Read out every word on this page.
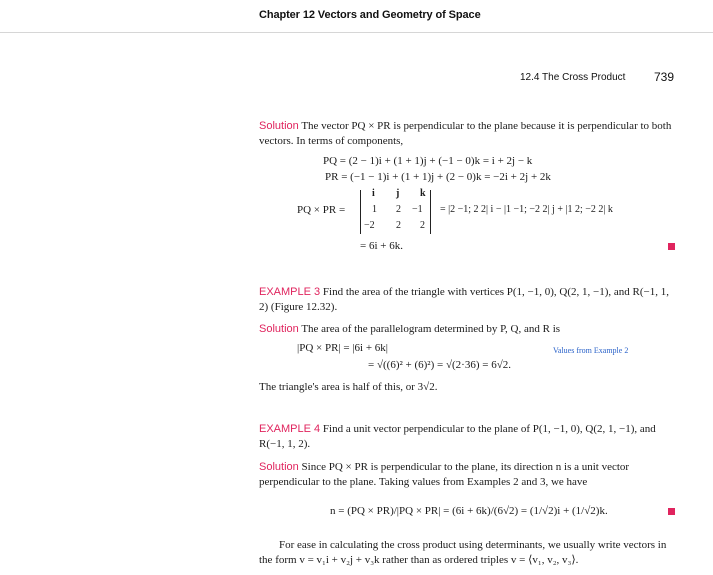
Chapter 12 Vectors and Geometry of Space
12.4 The Cross Product 739
Solution The vector PQ × PR is perpendicular to the plane because it is perpendicular to both vectors. In terms of components,
PQ = (2 − 1)i + (1 + 1)j + (−1 − 0)k = i + 2j − k
PR = (−1 − 1)i + (1 + 1)j + (2 − 0)k = −2i + 2j + 2k
PQ × PR =
i j k
1 2 −1
−2 2 2
= |2 −1; 2 2| i − |1 −1; −2 2| j + |1 2; −2 2| k
= 6i + 6k.
EXAMPLE 3 Find the area of the triangle with vertices P(1, −1, 0), Q(2, 1, −1), and R(−1, 1, 2) (Figure 12.32).
Solution The area of the parallelogram determined by P, Q, and R is
|PQ × PR| = |6i + 6k|
= √((6)² + (6)²) = √(2·36) = 6√2.
Values from Example 2
The triangle's area is half of this, or 3√2.
EXAMPLE 4 Find a unit vector perpendicular to the plane of P(1, −1, 0), Q(2, 1, −1), and R(−1, 1, 2).
Solution Since PQ × PR is perpendicular to the plane, its direction n is a unit vector perpendicular to the plane. Taking values from Examples 2 and 3, we have
n = (PQ × PR)/|PQ × PR| = (6i + 6k)/(6√2) = (1/√2)i + (1/√2)k.
For ease in calculating the cross product using determinants, we usually write vectors in the form v = v₁i + v₂j + v₃k rather than as ordered triples v = ⟨v₁, v₂, v₃⟩.
